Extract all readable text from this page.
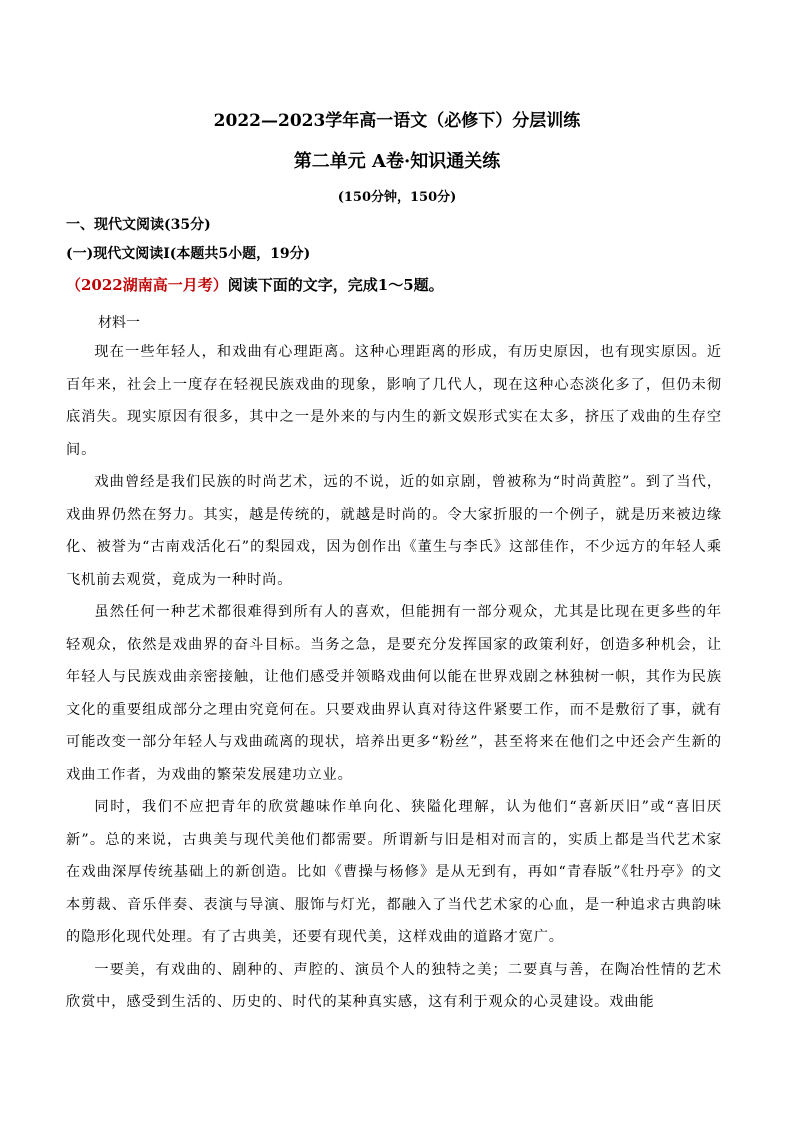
2022—2023学年高一语文（必修下）分层训练
第二单元 A卷·知识通关练
(150分钟，150分)
一、现代文阅读(35分)
(一)现代文阅读Ⅰ(本题共5小题，19分)
（2022湖南高一月考）阅读下面的文字，完成1～5题。
材料一

现在一些年轻人，和戏曲有心理距离。这种心理距离的形成，有历史原因，也有现实原因。近百年来，社会上一度存在轻视民族戏曲的现象，影响了几代人，现在这种心态淡化多了，但仍未彻底消失。现实原因有很多，其中之一是外来的与内生的新文娱形式实在太多，挤压了戏曲的生存空间。

戏曲曾经是我们民族的时尚艺术，远的不说，近的如京剧，曾被称为“时尚黄腔”。到了当代，戏曲界仍然在努力。其实，越是传统的，就越是时尚的。令大家折服的一个例子，就是历来被边缘化、被誉为“古南戏活化石”的梨园戏，因为创作出《董生与李氏》这部佳作，不少远方的年轻人乘飞机前去观赏，竟成为一种时尚。

虽然任何一种艺术都很难得到所有人的喜欢，但能拥有一部分观众，尤其是比现在更多些的年轻观众，依然是戏曲界的奋斗目标。当务之急，是要充分发挥国家的政策利好，创造多种机会，让年轻人与民族戏曲亲密接触，让他们感受并领略戏曲何以能在世界戏剧之林独树一帜，其作为民族文化的重要组成部分之理由究竟何在。只要戏曲界认真对待这件紧要工作，而不是敷衍了事，就有可能改变一部分年轻人与戏曲疏离的现状，培养出更多“粉丝”，甚至将来在他们之中还会产生新的戏曲工作者，为戏曲的繁荣发展建功立业。

同时，我们不应把青年的欣赏趣味作单向化、狭隘化理解，认为他们“喜新厌旧”或“喜旧厌新”。总的来说，古典美与现代美他们都需要。所谓新与旧是相对而言的，实质上都是当代艺术家在戏曲深厚传统基础上的新创造。比如《曹操与杨修》是从无到有，再如“青春版”《牡丹亭》的文本剪裁、音乐伴奏、表演与导演、服饰与灯光，都融入了当代艺术家的心血，是一种追求古典韵味的隐形化现代处理。有了古典美，还要有现代美，这样戏曲的道路才宽广。

一要美，有戏曲的、剧种的、声腔的、演员个人的独特之美；二要真与善，在陶冶性情的艺术欣赏中，感受到生活的、历史的、时代的某种真实感，这有利于观众的心灵建设。戏曲能
